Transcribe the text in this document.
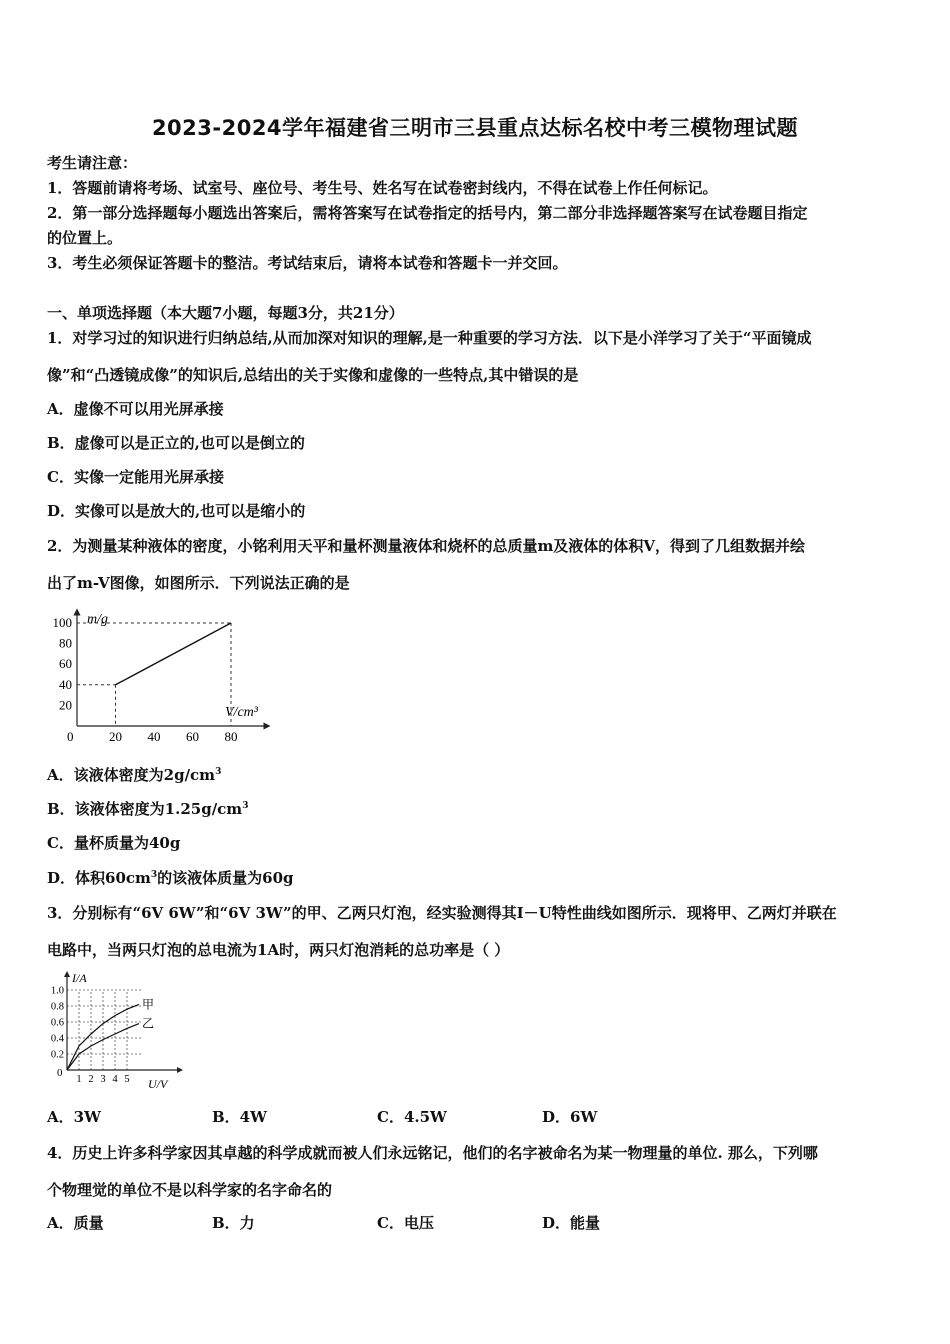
2023-2024学年福建省三明市三县重点达标名校中考三模物理试题
考生请注意：
1．答题前请将考场、试室号、座位号、考生号、姓名写在试卷密封线内，不得在试卷上作任何标记。
2．第一部分选择题每小题选出答案后，需将答案写在试卷指定的括号内，第二部分非选择题答案写在试卷题目指定
的位置上。
3．考生必须保证答题卡的整洁。考试结束后，请将本试卷和答题卡一并交回。
一、单项选择题（本大题7小题，每题3分，共21分）
1．对学习过的知识进行归纳总结,从而加深对知识的理解,是一种重要的学习方法．以下是小洋学习了关于“平面镜成
像”和“凸透镜成像”的知识后,总结出的关于实像和虚像的一些特点,其中错误的是
A．虚像不可以用光屏承接
B．虚像可以是正立的,也可以是倒立的
C．实像一定能用光屏承接
D．实像可以是放大的,也可以是缩小的
2．为测量某种液体的密度，小铭利用天平和量杯测量液体和烧杯的总质量m及液体的体积V，得到了几组数据并绘
出了m-V图像，如图所示．下列说法正确的是
20
40
60
80
100
20 40 60 80
0
m/g
V/cm³
A．该液体密度为$2g/cm^3$
B．该液体密度为$1.25g/cm^3$
C．量杯质量为40g
D．体积$60cm^3$的该液体质量为60g
3．分别标有“6V 6W”和“6V 3W”的甲、乙两只灯泡，经实验测得其I－U特性曲线如图所示．现将甲、乙两灯并联在
电路中，当两只灯泡的总电流为1A时，两只灯泡消耗的总功率是（ ）
0.2
0.4
0.6
0.8
1.0
1 2 3 4 5
甲
乙
0
I/A
U/V
A．3W	B．4W	C．4.5W	D．6W
4．历史上许多科学家因其卓越的科学成就而被人们永远铭记，他们的名字被命名为某一物理量的单位. 那么，下列哪
个物理觉的单位不是以科学家的名字命名的
A．质量	B．力	C．电压	D．能量
